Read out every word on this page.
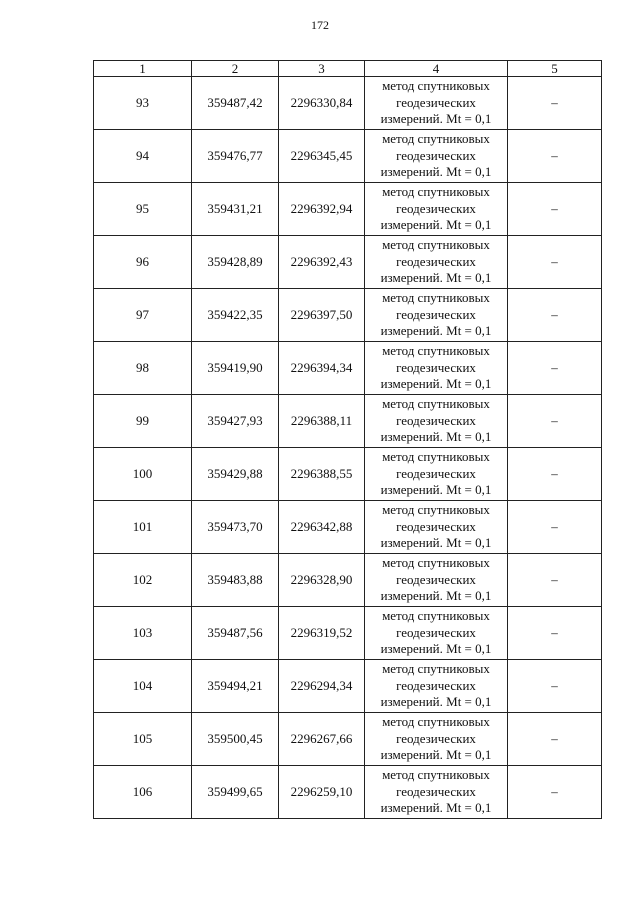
172
1	2	3	4	5
93	359487,42	2296330,84	метод спутниковых
геодезических
измерений. Mt = 0,1	–
94	359476,77	2296345,45	метод спутниковых
геодезических
измерений. Mt = 0,1	–
95	359431,21	2296392,94	метод спутниковых
геодезических
измерений. Mt = 0,1	–
96	359428,89	2296392,43	метод спутниковых
геодезических
измерений. Mt = 0,1	–
97	359422,35	2296397,50	метод спутниковых
геодезических
измерений. Mt = 0,1	–
98	359419,90	2296394,34	метод спутниковых
геодезических
измерений. Mt = 0,1	–
99	359427,93	2296388,11	метод спутниковых
геодезических
измерений. Mt = 0,1	–
100	359429,88	2296388,55	метод спутниковых
геодезических
измерений. Mt = 0,1	–
101	359473,70	2296342,88	метод спутниковых
геодезических
измерений. Mt = 0,1	–
102	359483,88	2296328,90	метод спутниковых
геодезических
измерений. Mt = 0,1	–
103	359487,56	2296319,52	метод спутниковых
геодезических
измерений. Mt = 0,1	–
104	359494,21	2296294,34	метод спутниковых
геодезических
измерений. Mt = 0,1	–
105	359500,45	2296267,66	метод спутниковых
геодезических
измерений. Mt = 0,1	–
106	359499,65	2296259,10	метод спутниковых
геодезических
измерений. Mt = 0,1	–
